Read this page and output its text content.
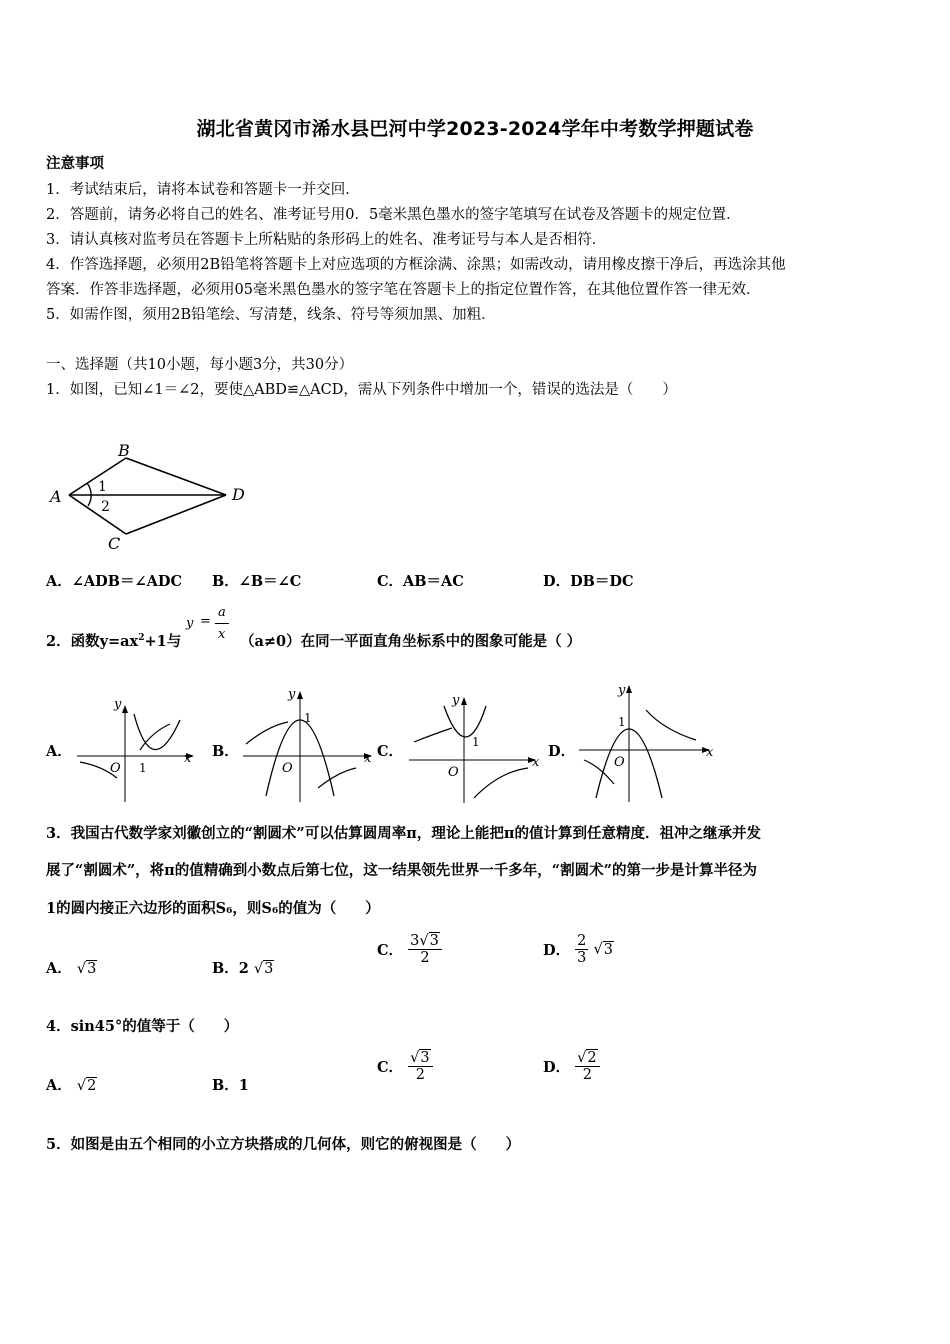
湖北省黄冈市浠水县巴河中学2023-2024学年中考数学押题试卷
注意事项
1．考试结束后，请将本试卷和答题卡一并交回．
2．答题前，请务必将自己的姓名、准考证号用0．5毫米黑色墨水的签字笔填写在试卷及答题卡的规定位置．
3．请认真核对监考员在答题卡上所粘贴的条形码上的姓名、准考证号与本人是否相符．
4．作答选择题，必须用2B铅笔将答题卡上对应选项的方框涂满、涂黑；如需改动，请用橡皮擦干净后，再选涂其他
答案．作答非选择题，必须用05毫米黑色墨水的签字笔在答题卡上的指定位置作答，在其他位置作答一律无效．
5．如需作图，须用2B铅笔绘、写清楚，线条、符号等须加黑、加粗．
一、选择题（共10小题，每小题3分，共30分）
1．如图，已知∠1＝∠2，要使△ABD≌△ACD，需从下列条件中增加一个，错误的选法是（　　）
A
B
C
D
1
2
A．∠ADB＝∠ADC B．∠B＝∠C	C．AB＝AC	D．DB＝DC
2．函数$y=ax^2+1$与
y =
a
x （a≠0）在同一平面直角坐标系中的图象可能是（ ）
A．	x
y
O 1
B．	x
y
O
1
C．
x
y
O
1
D．	x
y
O
1
3．我国古代数学家刘徽创立的“割圆术”可以估算圆周率π，理论上能把π的值计算到任意精度．祖冲之继承并发
展了“割圆术”，将π的值精确到小数点后第七位，这一结果领先世界一千多年，“割圆术”的第一步是计算半径为
1的圆内接正六边形的面积S₆，则S₆的值为（　　）
A． √3	B．2 √3
C． $\frac{3√3}{2}$	D． $\frac{2}{3} √3$
4．sin45°的值等于（　　）
A． √2	B．1
C． $\frac{√3}{2}$	D． $\frac{√2}{2}$
5．如图是由五个相同的小立方块搭成的几何体，则它的俯视图是（　　）
